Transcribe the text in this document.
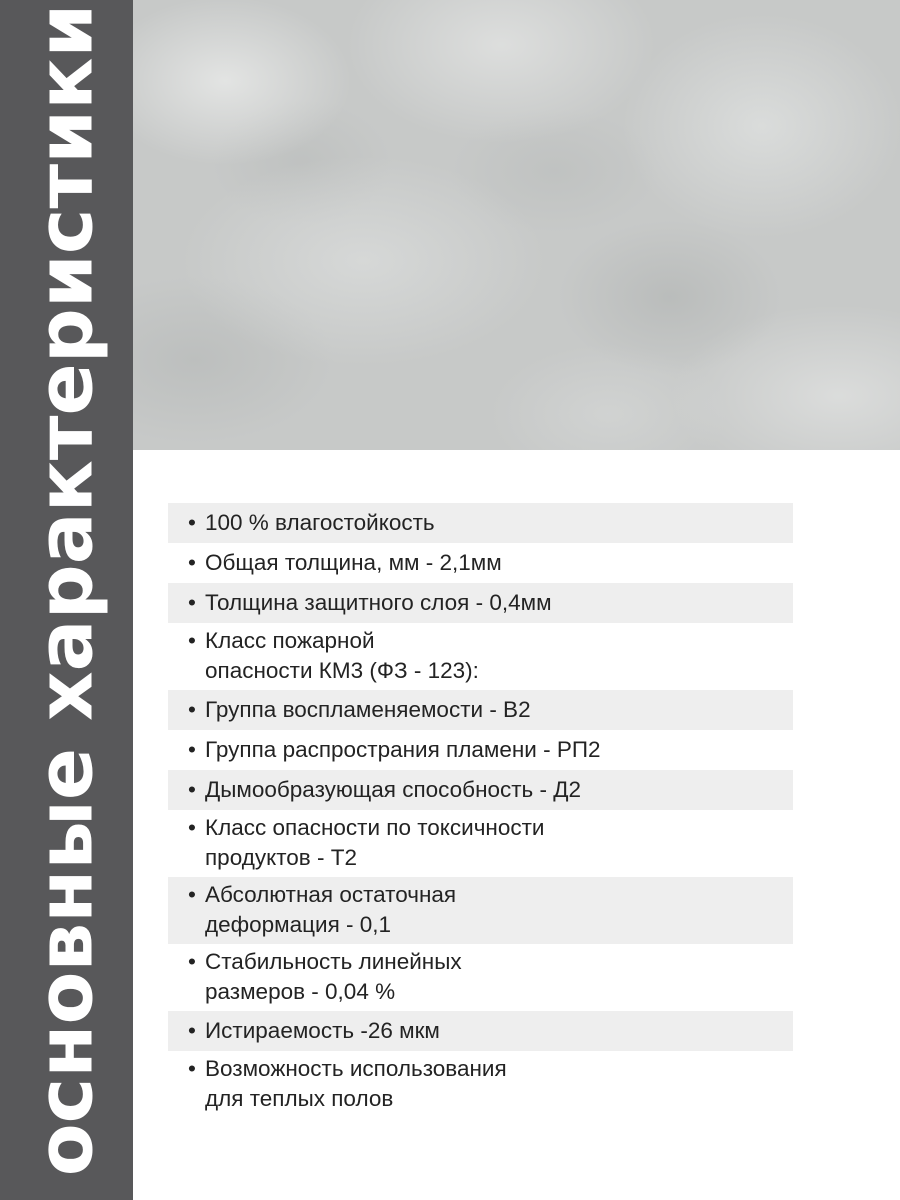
основные характеристики	• 100 % влагостойкость
• Общая толщина, мм - 2,1мм
• Толщина защитного слоя - 0,4мм
• Класс пожарной
опасности КМ3 (ФЗ - 123):
• Группа воспламеняемости - В2
• Группа распространия пламени - РП2
• Дымообразующая способность - Д2
• Класс опасности по токсичности
продуктов - Т2
• Абсолютная остаточная
деформация - 0,1
• Стабильность линейных
размеров - 0,04 %
• Истираемость -26 мкм
• Возможность использования
для теплых полов
